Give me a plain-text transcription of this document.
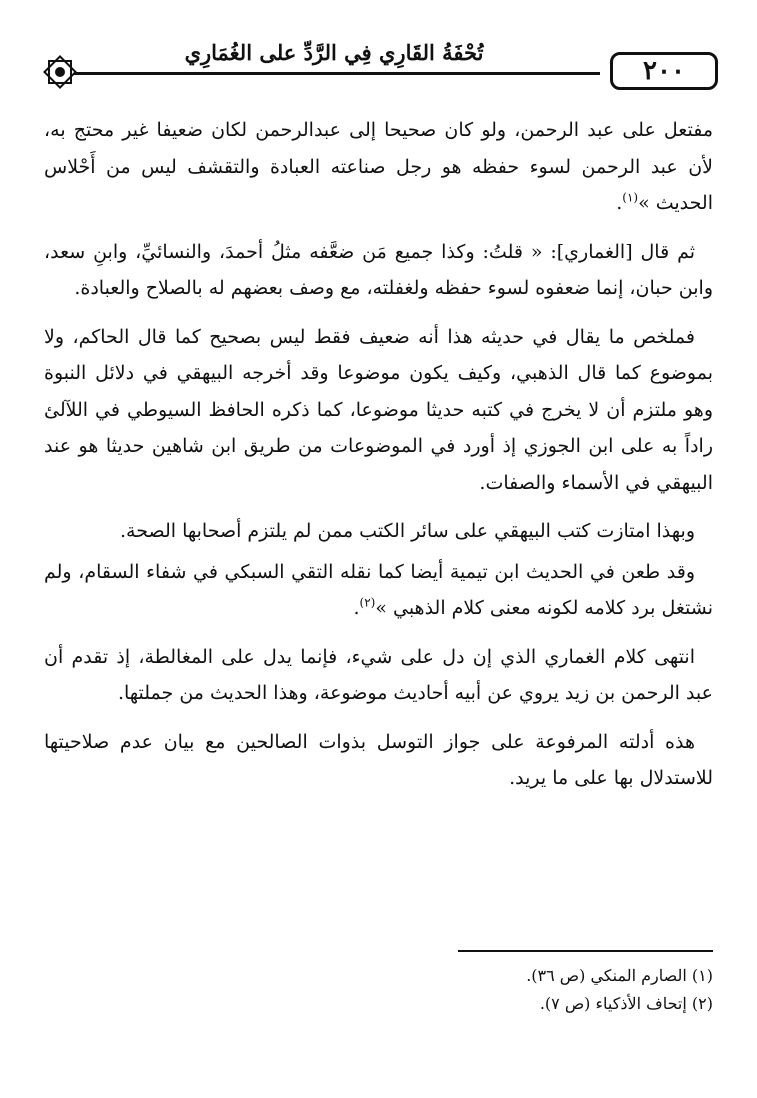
تُحْفَةُ القَارِي فِي الرَّدِّ على الغُمَارِي
٢٠٠

مفتعل على عبد الرحمن، ولو كان صحيحا إلى عبدالرحمن لكان ضعيفا غير محتج به، لأن عبد الرحمن لسوء حفظه هو رجل صناعته العبادة والتقشف ليس من أَحْلاس الحديث »$^{(١)}$.

ثم قال [الغماري]: « قلتُ: وكذا جميع مَن ضعَّفه مثلُ أحمدَ، والنسائيِّ، وابنِ سعد، وابن حبان، إنما ضعفوه لسوء حفظه ولغفلته، مع وصف بعضهم له بالصلاح والعبادة.

فملخص ما يقال في حديثه هذا أنه ضعيف فقط ليس بصحيح كما قال الحاكم، ولا بموضوع كما قال الذهبي، وكيف يكون موضوعا وقد أخرجه البيهقي في دلائل النبوة وهو ملتزم أن لا يخرج في كتبه حديثا موضوعا، كما ذكره الحافظ السيوطي في اللآلئ راداً به على ابن الجوزي إذ أورد في الموضوعات من طريق ابن شاهين حديثا هو عند البيهقي في الأسماء والصفات.

وبهذا امتازت كتب البيهقي على سائر الكتب ممن لم يلتزم أصحابها الصحة.

وقد طعن في الحديث ابن تيمية أيضا كما نقله التقي السبكي في شفاء السقام، ولم نشتغل برد كلامه لكونه معنى كلام الذهبي »$^{(٢)}$.

انتهى كلام الغماري الذي إن دل على شيء، فإنما يدل على المغالطة، إذ تقدم أن عبد الرحمن بن زيد يروي عن أبيه أحاديث موضوعة، وهذا الحديث من جملتها.

هذه أدلته المرفوعة على جواز التوسل بذوات الصالحين مع بيان عدم صلاحيتها للاستدلال بها على ما يريد.

(١) الصارم المنكي (ص ٣٦).
(٢) إتحاف الأذكياء (ص ٧).
